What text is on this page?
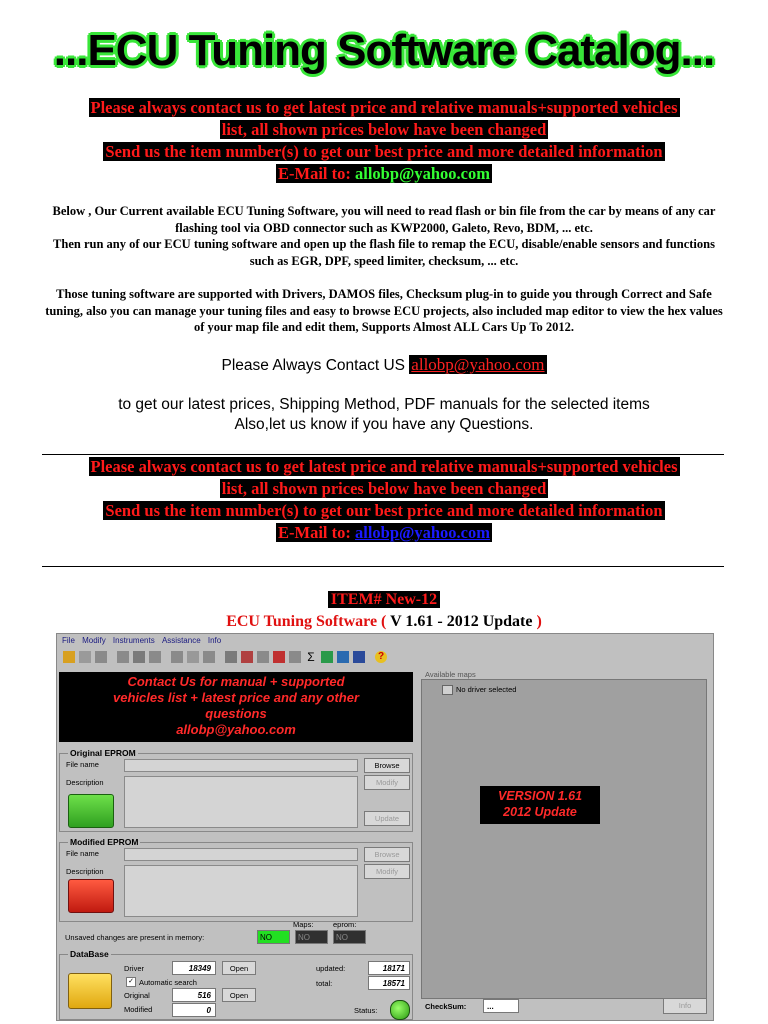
...ECU Tuning Software Catalog...
Please always contact us to get latest price and relative manuals+supported vehicles
list, all shown prices below have been changed
Send us the item number(s) to get our best price and more detailed information
E-Mail to: allobp@yahoo.com
Below , Our Current available ECU Tuning Software, you will need to read flash or bin file from the car by means of any car flashing tool via OBD connector such as KWP2000, Galeto, Revo, BDM, ... etc.
Then run any of our ECU tuning software and open up the flash file to remap the ECU, disable/enable sensors and functions such as EGR, DPF, speed limiter, checksum, ... etc.
Those tuning software are supported with Drivers, DAMOS files, Checksum plug-in to guide you through Correct and Safe tuning, also you can manage your tuning files and easy to browse ECU projects, also included map editor to view the hex values of your map file and edit them, Supports Almost ALL Cars Up To 2012.
Please Always Contact US allobp@yahoo.com
to get our latest prices, Shipping Method, PDF manuals for the selected items
Also,let us know if you have any Questions.
Please always contact us to get latest price and relative manuals+supported vehicles
list, all shown prices below have been changed
Send us the item number(s) to get our best price and more detailed information
E-Mail to: allobp@yahoo.com
ITEM# New-12
ECU Tuning Software ( V 1.61 - 2012 Update )
File Modify Instruments Assistance Info
Σ	?
Contact Us for manual + supported
vehicles list + latest price and any other
questions
allobp@yahoo.com
Original EPROM
File name	Browse
Description	Modify
Update
Modified EPROM
File name	Browse
Description	Modify
Maps:	eprom:
Unsaved changes are present in memory:	NO	NO	NO
DataBase
Driver	18349	Open
✓ Automatic search
Original	516	Open
Modified	0
updated:	18171
total:	18571
Status:
Available maps
No driver selected
VERSION 1.61
2012 Update
CheckSum:	...	Info
